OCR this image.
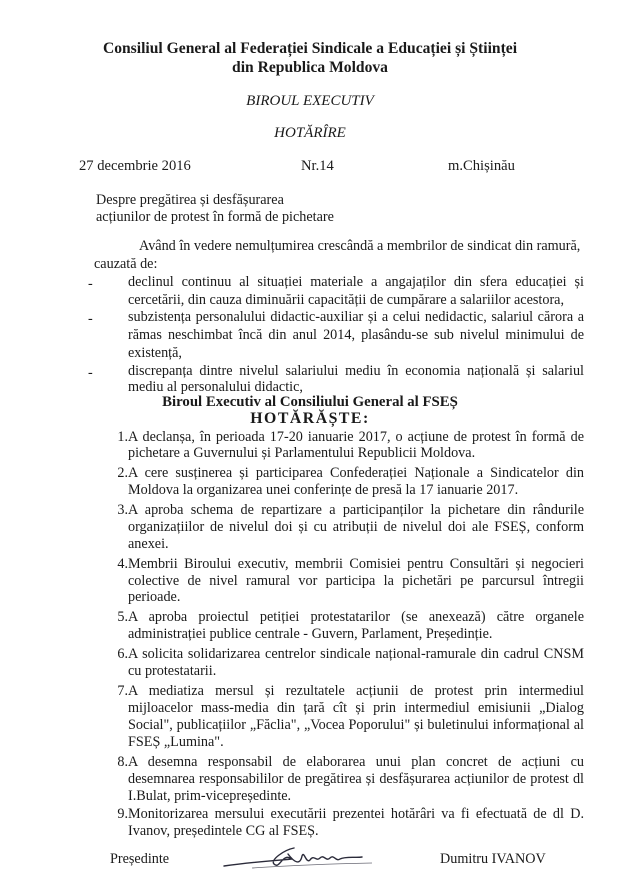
Consiliul General al Federației Sindicale a Educației și Științei
din Republica Moldova
BIROUL EXECUTIV
HOTĂRÎRE
27 decembrie 2016	Nr.14	m.Chișinău
Despre pregătirea și desfășurarea
acțiunilor de protest în formă de pichetare
Având în vedere nemulțumirea crescândă a membrilor de sindicat din ramură,
cauzată de:
- declinul continuu al situației materiale a angajaților din sfera educației și
cercetării, din cauza diminuării capacității de cumpărare a salariilor acestora,
- subzistența personalului didactic-auxiliar și a celui nedidactic, salariul cărora a
rămas neschimbat încă din anul 2014, plasându-se sub nivelul minimului de
existență,
- discrepanța dintre nivelul salariului mediu în economia națională și salariul
mediu al personalului didactic,
Biroul Executiv al Consiliului General al FSEȘ
HOTĂRĂȘTE:
1. A declanșa, în perioada 17-20 ianuarie 2017, o acțiune de protest în formă de
pichetare a Guvernului și Parlamentului Republicii Moldova.
2. A cere susținerea și participarea Confederației Naționale a Sindicatelor din
Moldova la organizarea unei conferințe de presă la 17 ianuarie 2017.
3. A aproba schema de repartizare a participanților la pichetare din rândurile
organizațiilor de nivelul doi și cu atribuții de nivelul doi ale FSEȘ, conform
anexei.
4. Membrii Biroului executiv, membrii Comisiei pentru Consultări și negocieri
colective de nivel ramural vor participa la pichetări pe parcursul întregii
perioade.
5. A aproba proiectul petiției protestatarilor (se anexează) către organele
administrației publice centrale - Guvern, Parlament, Președinție.
6. A solicita solidarizarea centrelor sindicale național-ramurale din cadrul CNSM
cu protestatarii.
7. A mediatiza mersul și rezultatele acțiunii de protest prin intermediul
mijloacelor mass-media din țară cît și prin intermediul emisiunii „Dialog
Social", publicațiilor „Făclia", „Vocea Poporului" și buletinului informațional al
FSEȘ „Lumina".
8. A desemna responsabil de elaborarea unui plan concret de acțiuni cu
desemnarea responsabililor de pregătirea și desfășurarea acțiunilor de protest dl
I.Bulat, prim-vicepreședinte.
9. Monitorizarea mersului executării prezentei hotărâri va fi efectuată de dl D.
Ivanov, președintele CG al FSEȘ.
Președinte	Dumitru IVANOV
